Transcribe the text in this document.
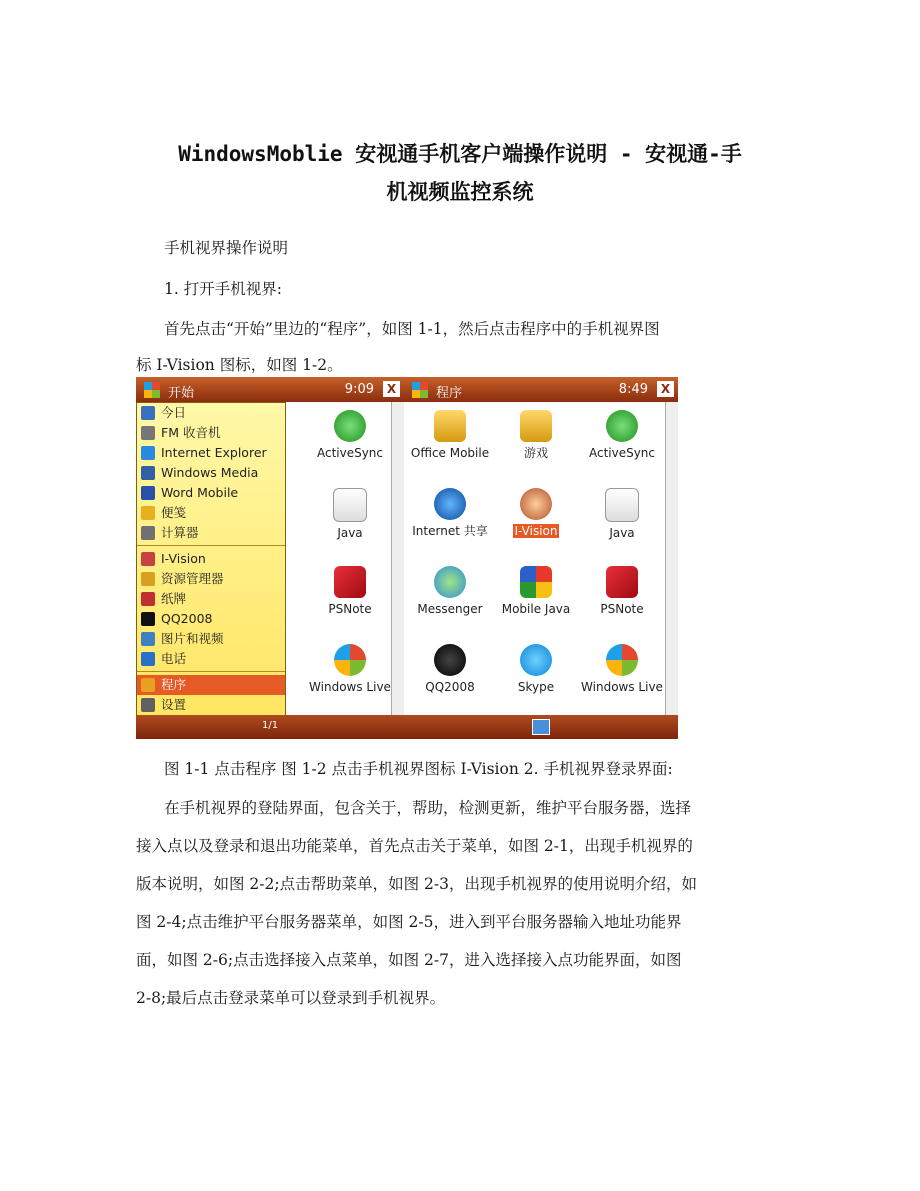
WindowsMoblie 安视通手机客户端操作说明 - 安视通-手
机视频监控系统
手机视界操作说明
1. 打开手机视界:
首先点击“开始”里边的“程序”，如图 1-1，然后点击程序中的手机视界图
标 I-Vision 图标，如图 1-2。
开始	9:09	X
ActiveSync
Java
PSNote
Windows Live
今日
FM 收音机
Internet Explorer
Windows Media
Word Mobile
便笺
计算器
I-Vision
资源管理器
纸牌
QQ2008
图片和视频
电话
程序
设置
1/1
程序	8:49	X
Office Mobile	游戏	ActiveSync
Internet 共享	I-Vision	Java
Messenger	Mobile Java	PSNote
QQ2008	Skype	Windows Live
图 1-1 点击程序 图 1-2 点击手机视界图标 I-Vision 2. 手机视界登录界面:
在手机视界的登陆界面，包含关于，帮助，检测更新，维护平台服务器，选择
接入点以及登录和退出功能菜单，首先点击关于菜单，如图 2-1，出现手机视界的
版本说明，如图 2-2;点击帮助菜单，如图 2-3，出现手机视界的使用说明介绍，如
图 2-4;点击维护平台服务器菜单，如图 2-5，进入到平台服务器输入地址功能界
面，如图 2-6;点击选择接入点菜单，如图 2-7，进入选择接入点功能界面，如图
2-8;最后点击登录菜单可以登录到手机视界。
